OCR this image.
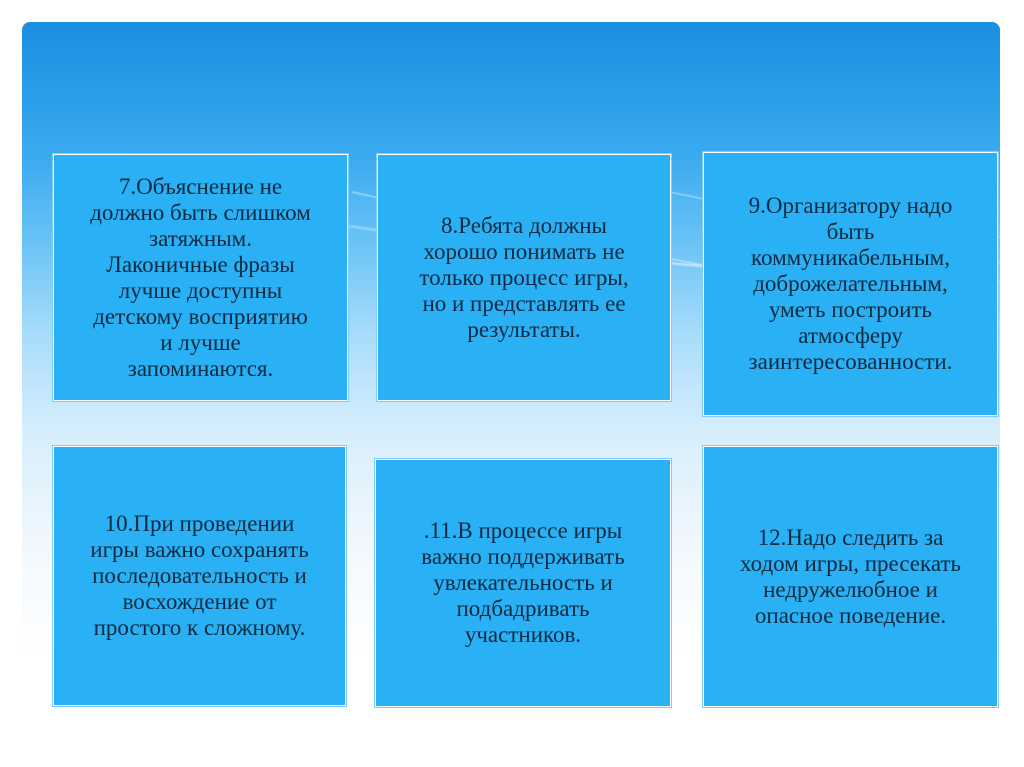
7.Объяснение не
должно быть слишком
затяжным.
Лаконичные фразы
лучше доступны
детскому восприятию
и лучше
запоминаются.
8.Ребята должны
хорошо понимать не
только процесс игры,
но и представлять ее
результаты.
9.Организатору надо
быть
коммуникабельным,
доброжелательным,
уметь построить
атмосферу
заинтересованности.
10.При проведении
игры важно сохранять
последовательность и
восхождение от
простого к сложному.
.11.В процессе игры
важно поддерживать
увлекательность и
подбадривать
участников.
12.Надо следить за
ходом игры, пресекать
недружелюбное и
опасное поведение.
